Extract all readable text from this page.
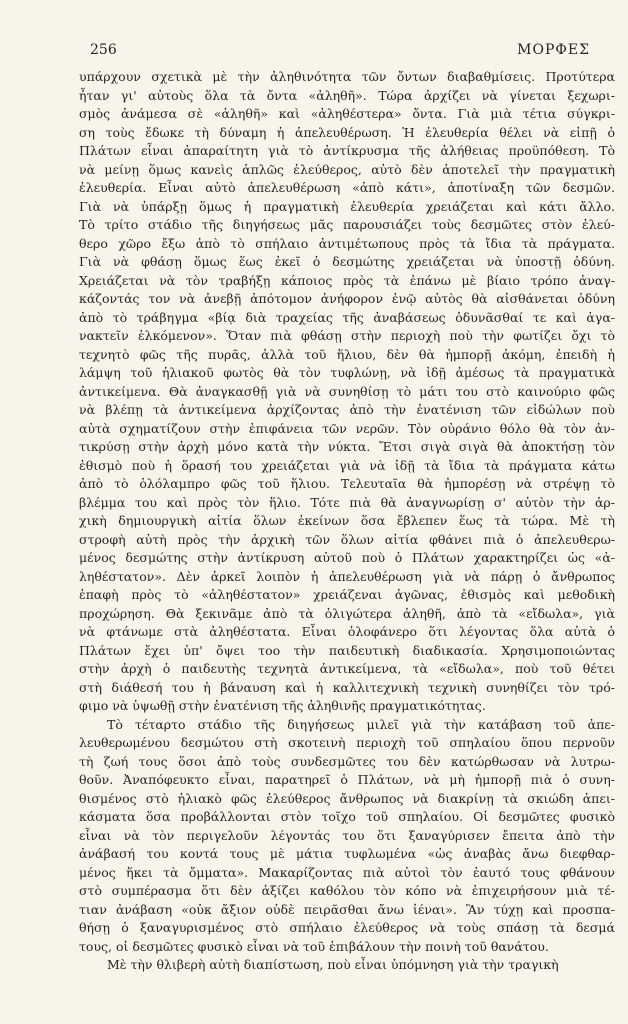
256	ΜΟΡΦΕΣ
υπάρχουν σχετικὰ μὲ τὴν ἀληθινότητα τῶν ὄντων διαβαθμίσεις. Προτύτερα
ἦταν γι' αὐτοὺς ὅλα τὰ ὄντα «ἀληθῆ». Τώρα ἀρχίζει νὰ γίνεται ξεχωρι-
σμὸς ἀνάμεσα σὲ «ἀληθῆ» καὶ «ἀληθέστερα» ὄντα. Γιὰ μιὰ τέτια σύγκρι-
ση τοὺς ἔδωκε τὴ δύναμη ἡ ἀπελευθέρωση. Ἡ ἐλευθερία θέλει νὰ εἰπῇ ὁ
Πλάτων εἶναι ἀπαραίτητη γιὰ τὸ ἀντίκρυσμα τῆς ἀλήθειας προϋπόθεση. Τὸ
νὰ μείνῃ ὅμως κανεὶς ἁπλῶς ἐλεύθερος, αὐτὸ δὲν ἀποτελεῖ τὴν πραγματικὴ
ἐλευθερία. Εἶναι αὐτὸ ἀπελευθέρωση «ἀπὸ κάτι», ἀποτίναξη τῶν δεσμῶν.
Γιὰ νὰ ὑπάρξῃ ὅμως ἡ πραγματικὴ ἐλευθερία χρειάζεται καὶ κάτι ἄλλο.
Τὸ τρίτο στάδιο τῆς διηγήσεως μᾶς παρουσιάζει τοὺς δεσμῶτες στὸν ἐλεύ-
θερο χῶρο ἔξω ἀπὸ τὸ σπήλαιο ἀντιμέτωπους πρὸς τὰ ἴδια τὰ πράγματα.
Γιὰ νὰ φθάσῃ ὅμως ἕως ἐκεῖ ὁ δεσμώτης χρειάζεται νὰ ὑποστῇ ὀδύνη.
Χρειάζεται νὰ τὸν τραβήξῃ κάποιος πρὸς τὰ ἐπάνω μὲ βίαιο τρόπο ἀναγ-
κάζοντάς τον νὰ ἀνεβῇ ἀπότομον ἀνήφορον ἐνῷ αὐτὸς θὰ αἰσθάνεται ὀδύνη
ἀπὸ τὸ τράβηγμα «βίᾳ διὰ τραχείας τῆς ἀναβάσεως ὀδυνᾶσθαί τε καὶ ἀγα-
νακτεῖν ἑλκόμενον». Ὅταν πιὰ φθάσῃ στὴν περιοχὴ ποὺ τὴν φωτίζει ὄχι τὸ
τεχνητὸ φῶς τῆς πυρᾶς, ἀλλὰ τοῦ ἥλιου, δὲν θὰ ἠμπορῇ ἀκόμη, ἐπειδὴ ἡ
λάμψη τοῦ ἡλιακοῦ φωτὸς θὰ τὸν τυφλώνῃ, νὰ ἰδῇ ἀμέσως τὰ πραγματικὰ
ἀντικείμενα. Θὰ ἀναγκασθῇ γιὰ νὰ συνηθίσῃ τὸ μάτι του στὸ καινούριο φῶς
νὰ βλέπῃ τὰ ἀντικείμενα ἀρχίζοντας ἀπὸ τὴν ἐνατένιση τῶν εἰδώλων ποὺ
αὐτὰ σχηματίζουν στὴν ἐπιφάνεια τῶν νερῶν. Τὸν οὐράνιο θόλο θὰ τὸν ἀν-
τικρύσῃ στὴν ἀρχὴ μόνο κατὰ τὴν νύκτα. Ἔτσι σιγὰ σιγὰ θὰ ἀποκτήσῃ τὸν
ἐθισμὸ ποὺ ἡ ὅρασή του χρειάζεται γιὰ νὰ ἰδῇ τὰ ἴδια τὰ πράγματα κάτω
ἀπὸ τὸ ὁλόλαμπρο φῶς τοῦ ἥλιου. Τελευταῖα θὰ ἠμπορέσῃ νὰ στρέψῃ τὸ
βλέμμα του καὶ πρὸς τὸν ἥλιο. Τότε πιὰ θὰ ἀναγνωρίσῃ σ' αὐτὸν τὴν ἀρ-
χικὴ δημιουργικὴ αἰτία ὅλων ἐκείνων ὅσα ἔβλεπεν ἕως τὰ τώρα. Μὲ τὴ
στροφὴ αὐτὴ πρὸς τὴν ἀρχικὴ τῶν ὅλων αἰτία φθάνει πιὰ ὁ ἀπελευθερω-
μένος δεσμώτης στὴν ἀντίκρυση αὐτοῦ ποὺ ὁ Πλάτων χαρακτηρίζει ὡς «ἀ-
ληθέστατον». Δὲν ἀρκεῖ λοιπὸν ἡ ἀπελευθέρωση γιὰ νὰ πάρῃ ὁ ἄνθρωπος
ἐπαφὴ πρὸς τὸ «ἀληθέστατον» χρειάζεναι ἀγῶνας, ἐθισμὸς καὶ μεθοδικὴ
προχώρηση. Θὰ ξεκινᾶμε ἀπὸ τὰ ὀλιγώτερα ἀληθῆ, ἀπὸ τὰ «εἴδωλα», γιὰ
νὰ φτάνωμε στὰ ἀληθέστατα. Εἶναι ὁλοφάνερο ὅτι λέγοντας ὅλα αὐτὰ ὁ
Πλάτων ἔχει ὑπ' ὄψει τοο τὴν παιδευτικὴ διαδικασία. Χρησιμοποιώντας
στὴν ἀρχὴ ὁ παιδευτὴς τεχνητὰ ἀντικείμενα, τὰ «εἴδωλα», ποὺ τοῦ θέτει
στὴ διάθεσή του ἡ βάναυση καὶ ἡ καλλιτεχνικὴ τεχνικὴ συνηθίζει τὸν τρό-
φιμο νὰ ὑψωθῇ στὴν ἐνατένιση τῆς ἀληθινῆς πραγματικότητας.
Τὸ τέταρτο στάδιο τῆς διηγήσεως μιλεῖ γιὰ τὴν κατάβαση τοῦ ἀπε-
λευθερωμένου δεσμώτου στὴ σκοτεινὴ περιοχὴ τοῦ σπηλαίου ὅπου περνοῦν
τὴ ζωή τους ὅσοι ἀπὸ τοὺς συνδεσμῶτες του δὲν κατώρθωσαν νὰ λυτρω-
θοῦν. Ἀναπόφευκτο εἶναι, παρατηρεῖ ὁ Πλάτων, νὰ μὴ ἠμπορῇ πιὰ ὁ συνη-
θισμένος στὸ ἡλιακὸ φῶς ἐλεύθερος ἄνθρωπος νὰ διακρίνῃ τὰ σκιώδη ἀπει-
κάσματα ὅσα προβάλλονται στὸν τοῖχο τοῦ σπηλαίου. Οἱ δεσμῶτες φυσικὸ
εἶναι νὰ τὸν περιγελοῦν λέγοντάς του ὅτι ξαναγύρισεν ἔπειτα ἀπὸ τὴν
ἀνάβασή του κοντά τους μὲ μάτια τυφλωμένα «ὡς ἀναβὰς ἄνω διεφθαρ-
μένος ἥκει τὰ ὄμματα». Μακαρίζοντας πιὰ αὐτοὶ τὸν ἑαυτό τους φθάνουν
στὸ συμπέρασμα ὅτι δὲν ἀξίζει καθόλου τὸν κόπο νὰ ἐπιχειρήσουν μιὰ τέ-
τιαν ἀνάβαση «οὐκ ἄξιον οὐδὲ πειρᾶσθαι ἄνω ἰέναι». Ἂν τύχῃ καὶ προσπα-
θήσῃ ὁ ξαναγυρισμένος στὸ σπήλαιο ἐλεύθερος νὰ τοὺς σπάσῃ τὰ δεσμά
τους, οἱ δεσμῶτες φυσικὸ εἶναι νὰ τοῦ ἐπιβάλουν τὴν ποινὴ τοῦ θανάτου.
Μὲ τὴν θλιβερὴ αὐτὴ διαπίστωση, ποὺ εἶναι ὑπόμνηση γιὰ τὴν τραγικὴ
